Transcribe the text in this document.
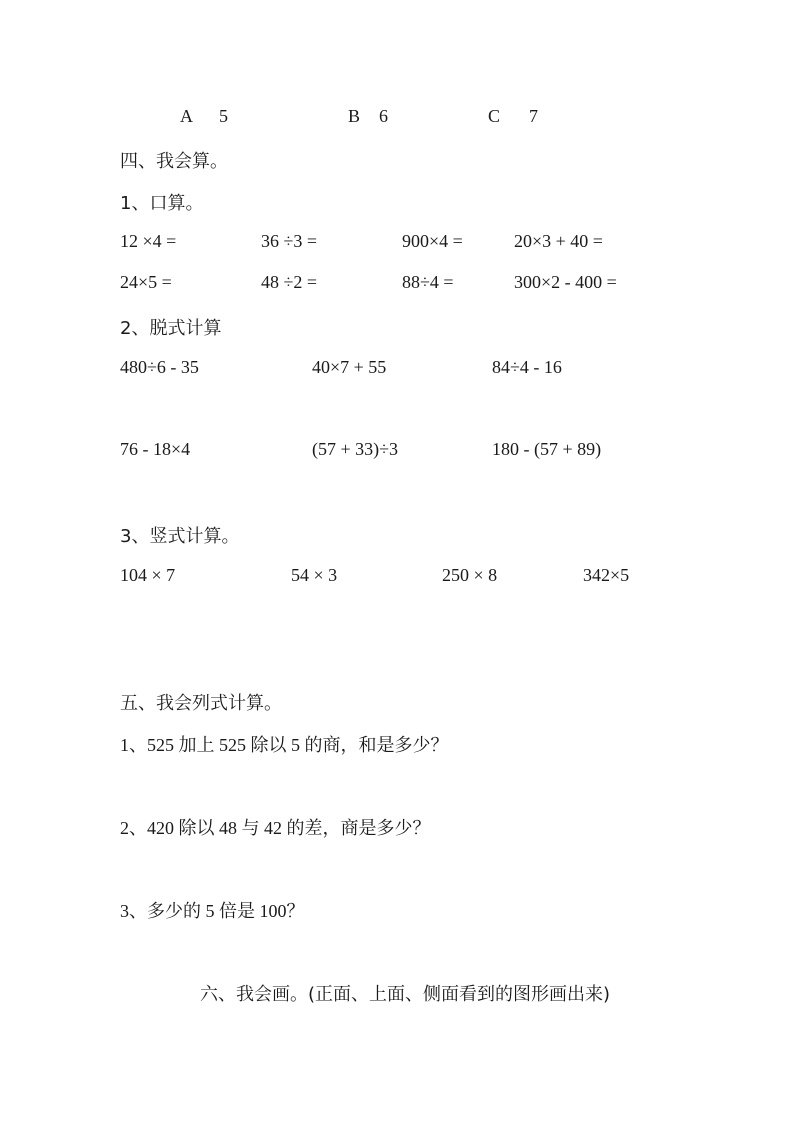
A 5	B 6	C 7
四、我会算。
1、口算。
12 ×4 =	36 ÷3 =	900×4 =	20×3 + 40 =
24×5 =	48 ÷2 =	88÷4 =	300×2 - 400 =
2、脱式计算
480÷6 - 35	40×7 + 55	84÷4 - 16
76 - 18×4	(57 + 33)÷3	180 - (57 + 89)
3、竖式计算。
104 × 7	54 × 3	250 × 8	342×5
五、我会列式计算。
1、525 加上 525 除以 5 的商，和是多少？
2、420 除以 48 与 42 的差，商是多少？
3、多少的 5 倍是 100？
六、我会画。(正面、上面、侧面看到的图形画出来)
